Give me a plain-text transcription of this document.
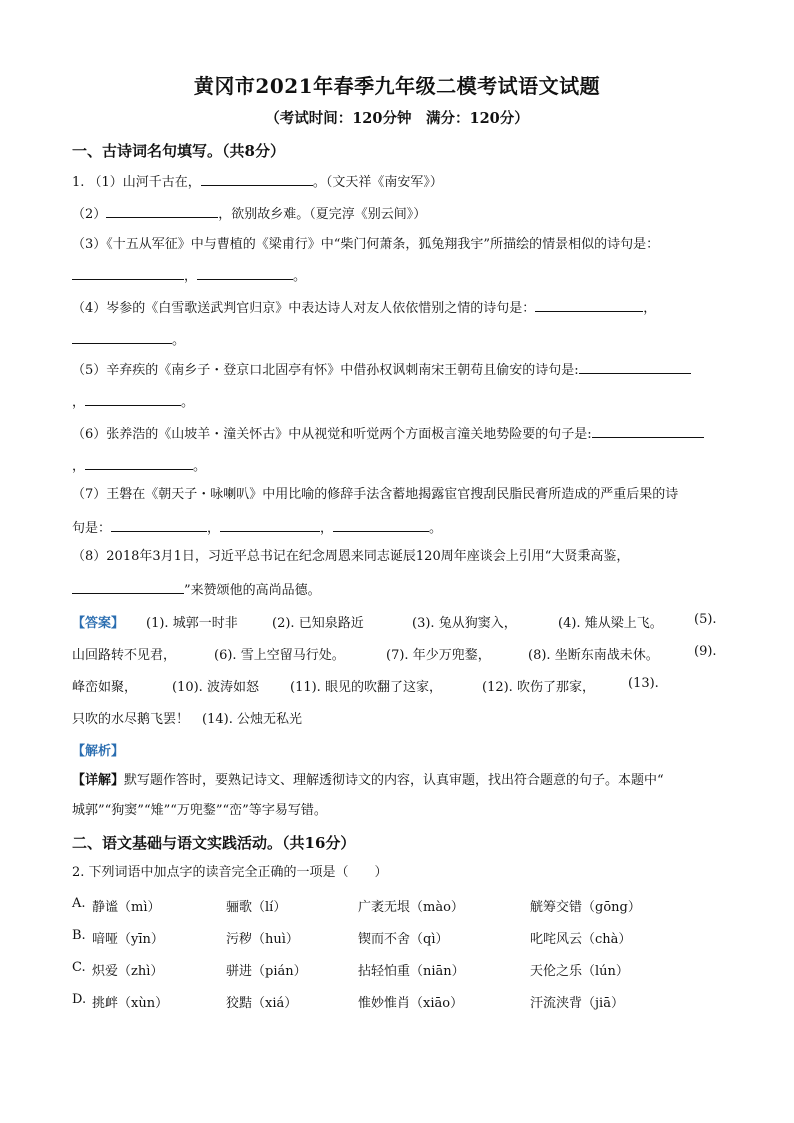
黄冈市2021年春季九年级二模考试语文试题
（考试时间：120分钟　满分：120分）
一、古诗词名句填写。（共8分）
1. （1）山河千古在，	。（文天祥《南安军》）
（2）	，欲别故乡难。（夏完淳《别云间》）
（3）《十五从军征》中与曹植的《梁甫行》中“柴门何萧条，狐兔翔我宇”所描绘的情景相似的诗句是：
，	。
（4）岑参的《白雪歌送武判官归京》中表达诗人对友人依依惜别之情的诗句是：	，
。
（5）辛弃疾的《南乡子・登京口北固亭有怀》中借孙权讽刺南宋王朝苟且偷安的诗句是:
，	。
（6）张养浩的《山坡羊・潼关怀古》中从视觉和听觉两个方面极言潼关地势险要的句子是:
，	。
（7）王磐在《朝天子・咏喇叭》中用比喻的修辞手法含蓄地揭露宦官搜刮民脂民膏所造成的严重后果的诗
句是：	，	，	。
（8）2018年3月1日，习近平总书记在纪念周恩来同志诞辰120周年座谈会上引用“大贤秉高鉴，
”来赞颂他的高尚品德。
【答案】 (1). 城郭一时非	(2). 已知泉路近	(3). 兔从狗窦入，	(4). 雉从梁上飞。 (5).
山回路转不见君，	(6). 雪上空留马行处。	(7). 年少万兜鍪，	(8). 坐断东南战未休。	(9).
峰峦如聚，	(10). 波涛如怒 (11). 眼见的吹翻了这家，	(12). 吹伤了那家，	(13).
只吹的水尽鹅飞罢！　 (14). 公烛无私光
【解析】
【详解】默写题作答时，要熟记诗文、理解透彻诗文的内容，认真审题，找出符合题意的句子。本题中“
城郭”“狗窦”“雉”“万兜鍪”“峦”等字易写错。
二、语文基础与语文实践活动。（共16分）
2. 下列词语中加点字的读音完全正确的一项是（　　）
A. 静谧（mì）	骊歌（lí）	广袤无垠（mào）	觥筹交错（gōng）
B. 喑哑（yīn）	污秽（huì）	锲而不舍（qì）	叱咤风云（chà）
C. 炽爱（zhì）	骈进（pián）	拈轻怕重（niān）	天伦之乐（lún）
D. 挑衅（xùn）	狡黠（xiá）	惟妙惟肖（xiāo）	汗流浃背（jiā）
